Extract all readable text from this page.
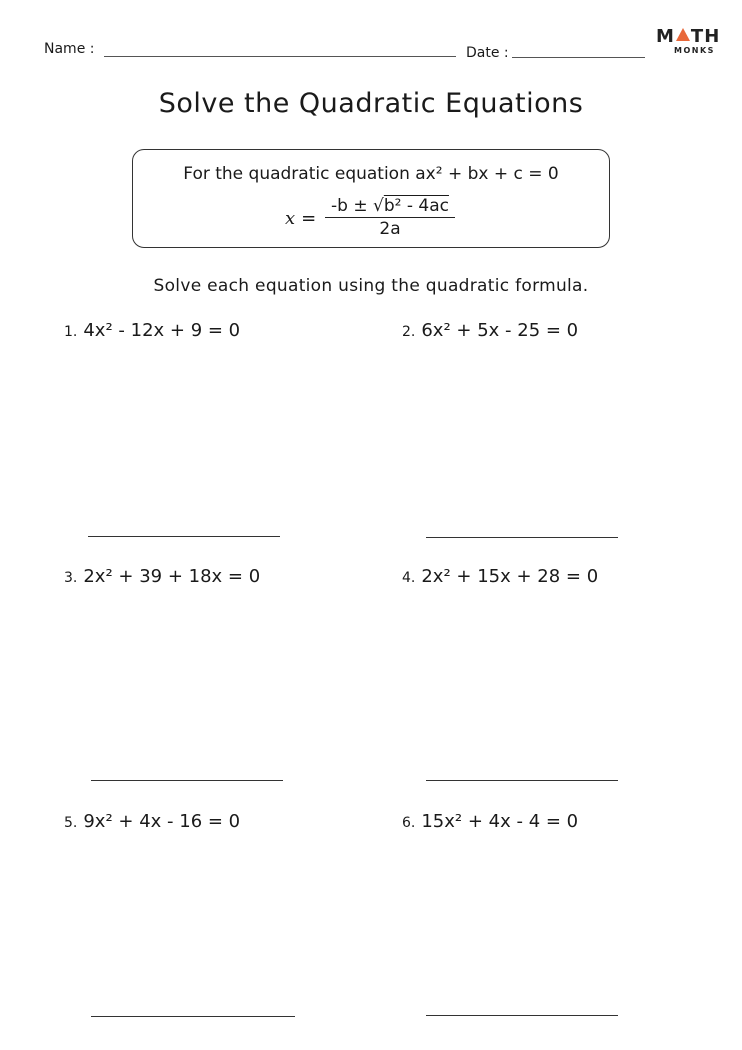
Name :	Date :
M TH
MONKS
Solve the Quadratic Equations
For the quadratic equation ax² + bx + c = 0
$x = \frac{\text{-b ± √b² - 4ac}}{2a}$
Solve each equation using the quadratic formula.
1. 4x² - 12x + 9 = 0	2. 6x² + 5x - 25 = 0
3. 2x² + 39 + 18x = 0	4. 2x² + 15x + 28 = 0
5. 9x² + 4x - 16 = 0	6. 15x² + 4x - 4 = 0
